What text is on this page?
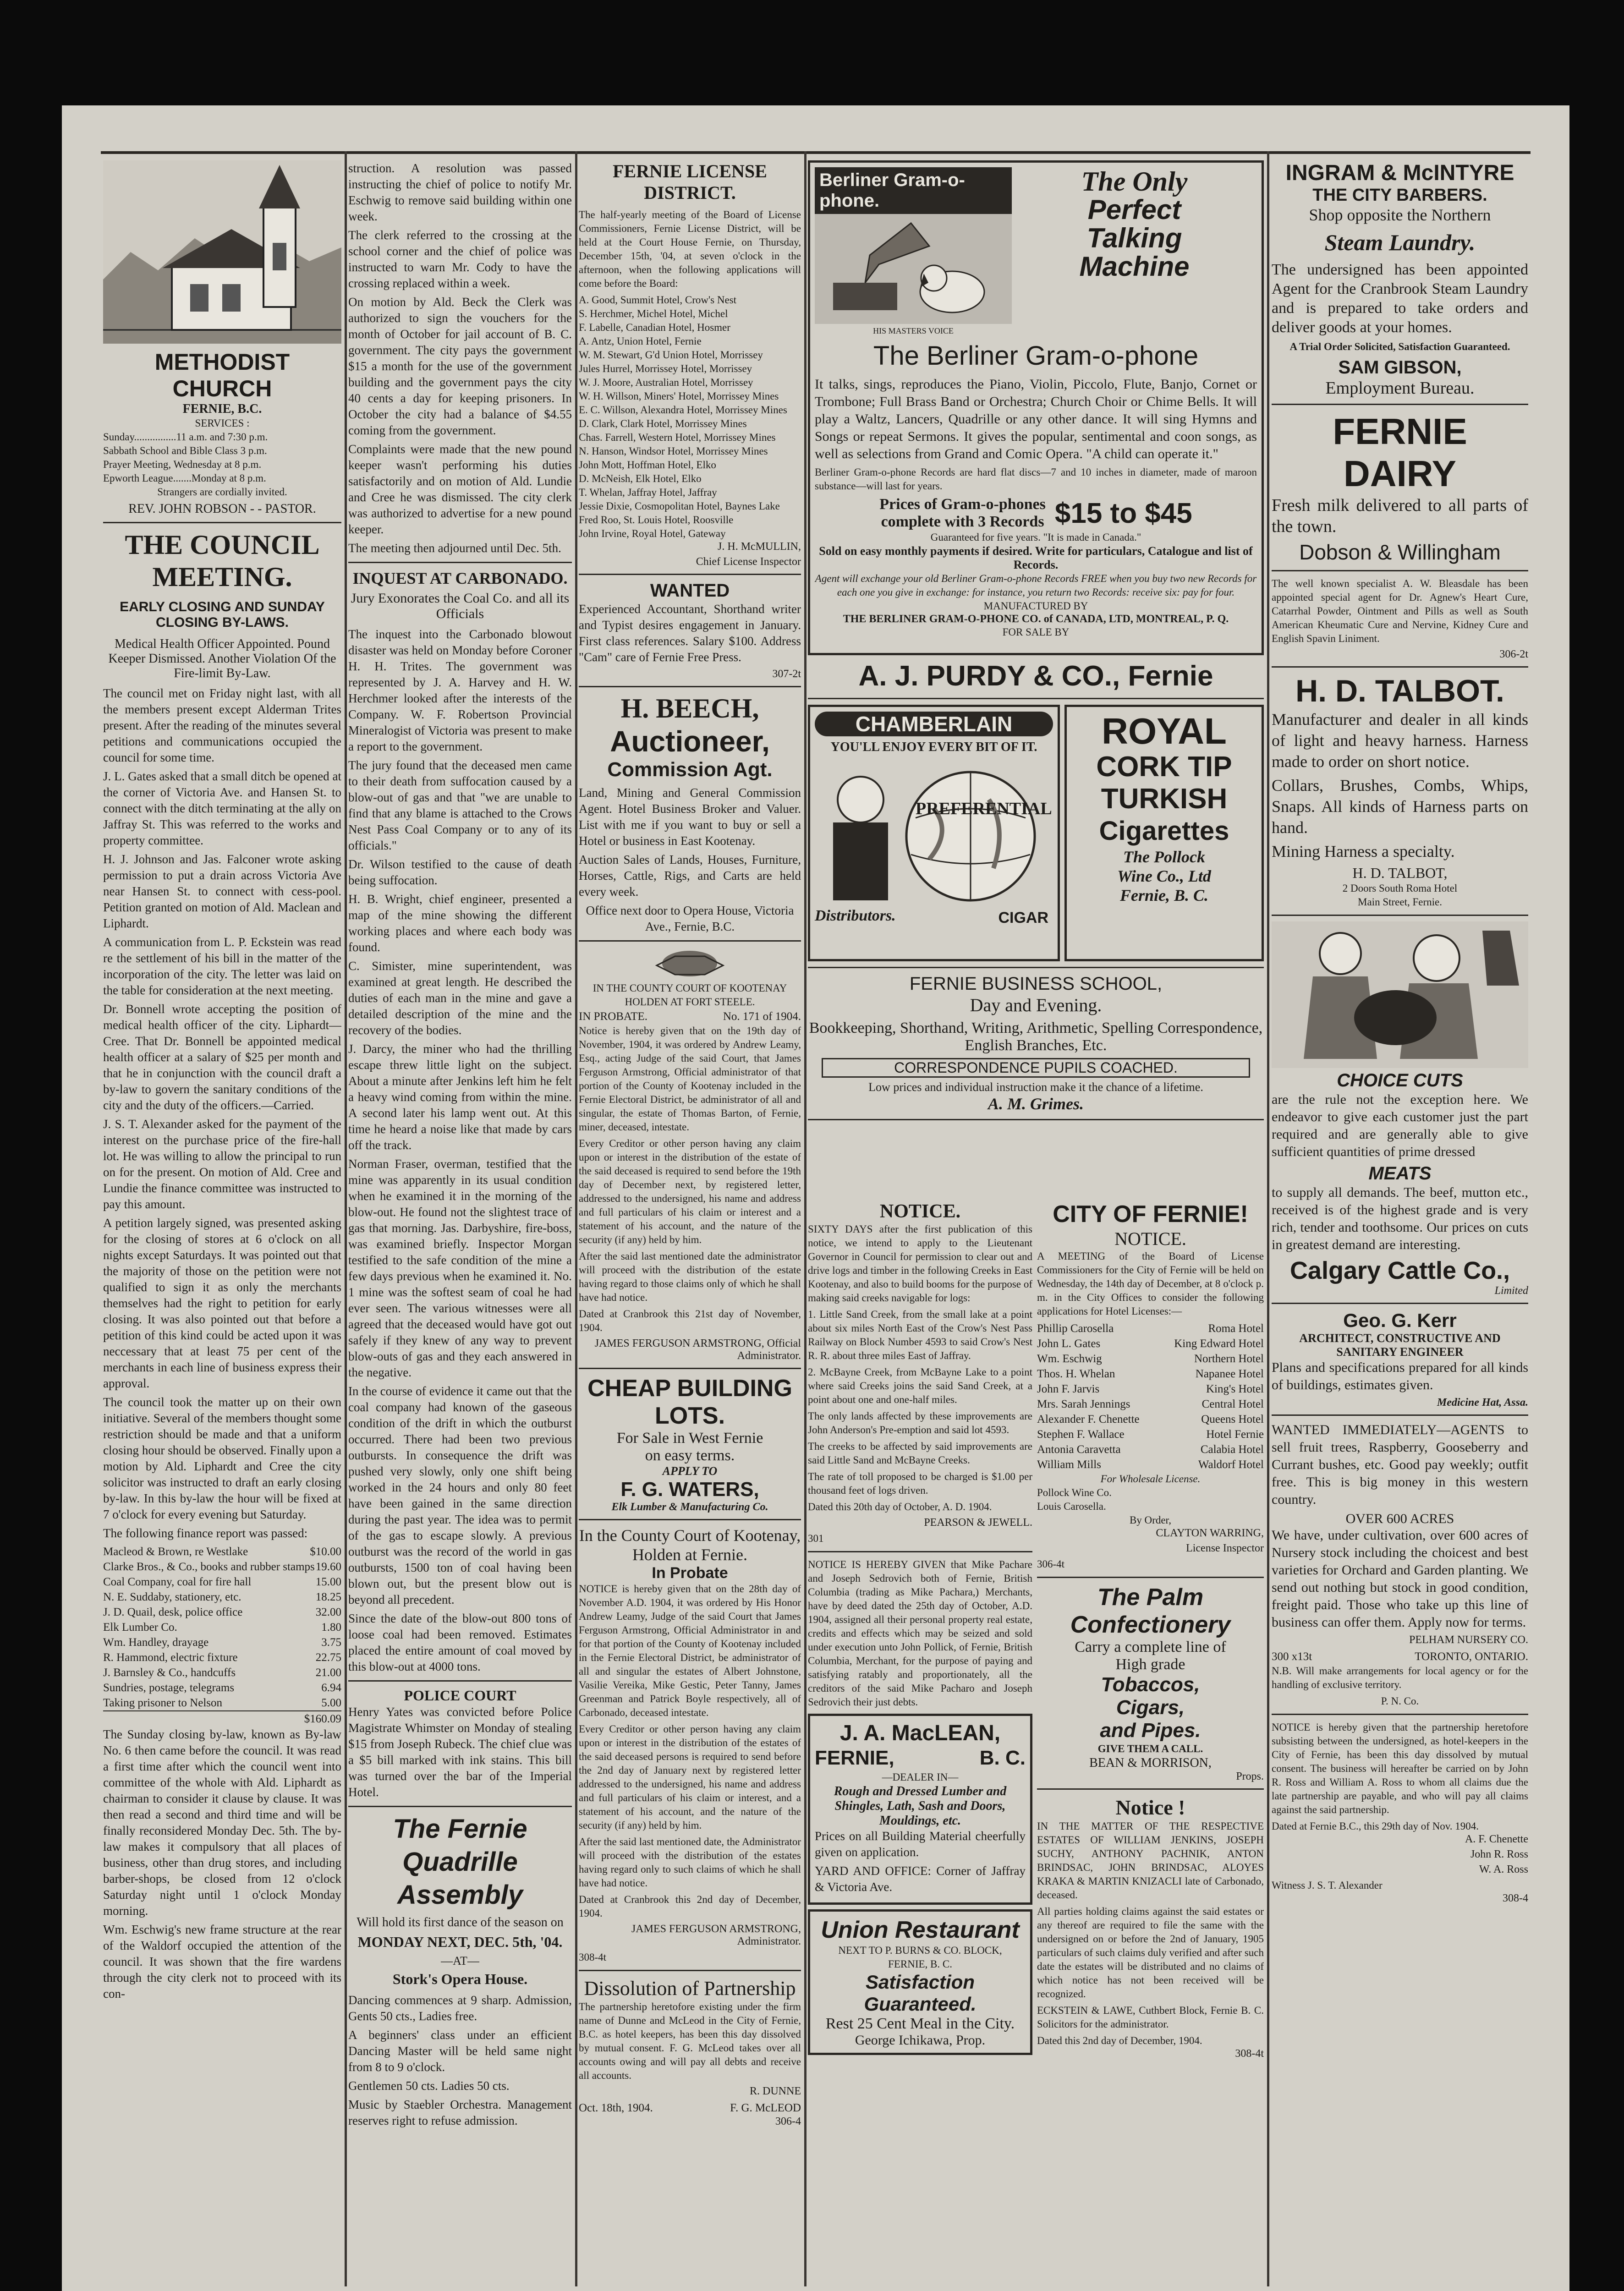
METHODIST CHURCH
FERNIE, B.C.
SERVICES :
Sunday................11 a.m. and 7:30 p.m.
Sabbath School and Bible Class 3 p.m.
Prayer Meeting, Wednesday at 8 p.m.
Epworth League.......Monday at 8 p.m.
Strangers are cordially invited.
REV. JOHN ROBSON - - PASTOR.
THE COUNCIL
MEETING.
EARLY CLOSING AND SUNDAY CLOSING BY-LAWS.
Medical Health Officer Appointed. Pound Keeper Dismissed. Another Violation Of the Fire-limit By-Law.

The council met on Friday night last, with all the members present except Alderman Trites present. After the reading of the minutes several petitions and communications occupied the council for some time.

J. L. Gates asked that a small ditch be opened at the corner of Victoria Ave. and Hansen St. to connect with the ditch terminating at the ally on Jaffray St. This was referred to the works and property committee.

H. J. Johnson and Jas. Falconer wrote asking permission to put a drain across Victoria Ave near Hansen St. to connect with cess-pool. Petition granted on motion of Ald. Maclean and Liphardt.

A communication from L. P. Eckstein was read re the settlement of his bill in the matter of the incorporation of the city. The letter was laid on the table for consideration at the next meeting.

Dr. Bonnell wrote accepting the position of medical health officer of the city. Liphardt—Cree. That Dr. Bonnell be appointed medical health officer at a salary of $25 per month and that he in conjunction with the council draft a by-law to govern the sanitary conditions of the city and the duty of the officers.—Carried.

J. S. T. Alexander asked for the payment of the interest on the purchase price of the fire-hall lot. He was willing to allow the principal to run on for the present. On motion of Ald. Cree and Lundie the finance committee was instructed to pay this amount.

A petition largely signed, was presented asking for the closing of stores at 6 o'clock on all nights except Saturdays. It was pointed out that the majority of those on the petition were not qualified to sign it as only the merchants themselves had the right to petition for early closing. It was also pointed out that before a petition of this kind could be acted upon it was neccessary that at least 75 per cent of the merchants in each line of business express their approval.

The council took the matter up on their own initiative. Several of the members thought some restriction should be made and that a uniform closing hour should be observed. Finally upon a motion by Ald. Liphardt and Cree the city solicitor was instructed to draft an early closing by-law. In this by-law the hour will be fixed at 7 o'clock for every evening but Saturday.

The following finance report was passed:

Macleod & Brown, re Westlake	$10.00
Clarke Bros., & Co., books and rubber stamps 19.60
Coal Company, coal for fire hall	15.00
N. E. Suddaby, stationery, etc.	18.25
J. D. Quail, desk, police office	32.00
Elk Lumber Co.	1.80
Wm. Handley, drayage	3.75
R. Hammond, electric fixture	22.75
J. Barnsley & Co., handcuffs	21.00
Sundries, postage, telegrams	6.94
Taking prisoner to Nelson	5.00
$160.09

The Sunday closing by-law, known as By-law No. 6 then came before the council. It was read a first time after which the council went into committee of the whole with Ald. Liphardt as chairman to consider it clause by clause. It was then read a second and third time and will be finally reconsidered Monday Dec. 5th. The by-law makes it compulsory that all places of business, other than drug stores, and including barber-shops, be closed from 12 o'clock Saturday night until 1 o'clock Monday morning.

Wm. Eschwig's new frame structure at the rear of the Waldorf occupied the attention of the council. It was shown that the fire wardens through the city clerk not to proceed with its con-

struction. A resolution was passed instructing the chief of police to notify Mr. Eschwig to remove said building within one week.

The clerk referred to the crossing at the school corner and the chief of police was instructed to warn Mr. Cody to have the crossing replaced within a week.

On motion by Ald. Beck the Clerk was authorized to sign the vouchers for the month of October for jail account of B. C. government. The city pays the government $15 a month for the use of the government building and the government pays the city 40 cents a day for keeping prisoners. In October the city had a balance of $4.55 coming from the government.

Complaints were made that the new pound keeper wasn't performing his duties satisfactorily and on motion of Ald. Lundie and Cree he was dismissed. The city clerk was authorized to advertise for a new pound keeper.

The meeting then adjourned until Dec. 5th.

INQUEST AT CARBONADO.
Jury Exonorates the Coal Co. and all its Officials

The inquest into the Carbonado blowout disaster was held on Monday before Coroner H. H. Trites. The government was represented by J. A. Harvey and H. W. Herchmer looked after the interests of the Company. W. F. Robertson Provincial Mineralogist of Victoria was present to make a report to the government.

The jury found that the deceased men came to their death from suffocation caused by a blow-out of gas and that "we are unable to find that any blame is attached to the Crows Nest Pass Coal Company or to any of its officials."

Dr. Wilson testified to the cause of death being suffocation.

H. B. Wright, chief engineer, presented a map of the mine showing the different working places and where each body was found.

C. Simister, mine superintendent, was examined at great length. He described the duties of each man in the mine and gave a detailed description of the mine and the recovery of the bodies.

J. Darcy, the miner who had the thrilling escape threw little light on the subject. About a minute after Jenkins left him he felt a heavy wind coming from within the mine. A second later his lamp went out. At this time he heard a noise like that made by cars off the track.

Norman Fraser, overman, testified that the mine was apparently in its usual condition when he examined it in the morning of the blow-out. He found not the slightest trace of gas that morning. Jas. Darbyshire, fire-boss, was examined briefly. Inspector Morgan testified to the safe condition of the mine a few days previous when he examined it. No. 1 mine was the softest seam of coal he had ever seen. The various witnesses were all agreed that the deceased would have got out safely if they knew of any way to prevent blow-outs of gas and they each answered in the negative.

In the course of evidence it came out that the coal company had known of the gaseous condition of the drift in which the outburst occurred. There had been two previous outbursts. In consequence the drift was pushed very slowly, only one shift being worked in the 24 hours and only 80 feet have been gained in the same direction during the past year. The idea was to permit of the gas to escape slowly. A previous outburst was the record of the world in gas outbursts, 1500 ton of coal having been blown out, but the present blow out is beyond all precedent.

Since the date of the blow-out 800 tons of loose coal had been removed. Estimates placed the entire amount of coal moved by this blow-out at 4000 tons.

POLICE COURT

Henry Yates was convicted before Police Magistrate Whimster on Monday of stealing $15 from Joseph Rubeck. The chief clue was a $5 bill marked with ink stains. This bill was turned over the bar of the Imperial Hotel.

The Fernie Quadrille Assembly
Will hold its first dance of the season on
MONDAY NEXT, DEC. 5th, '04.
—AT—
Stork's Opera House.

Dancing commences at 9 sharp. Admission, Gents 50 cts., Ladies free.

A beginners' class under an efficient Dancing Master will be held same night from 8 to 9 o'clock.

Gentlemen 50 cts. Ladies 50 cts.

Music by Staebler Orchestra. Management reserves right to refuse admission.

FERNIE LICENSE DISTRICT.

The half-yearly meeting of the Board of License Commissioners, Fernie License District, will be held at the Court House Fernie, on Thursday, December 15th, '04, at seven o'clock in the afternoon, when the following applications will come before the Board:

A. Good, Summit Hotel, Crow's Nest
S. Herchmer, Michel Hotel, Michel
F. Labelle, Canadian Hotel, Hosmer
A. Antz, Union Hotel, Fernie
W. M. Stewart, G'd Union Hotel, Morrissey
Jules Hurrel, Morrissey Hotel, Morrissey
W. J. Moore, Australian Hotel, Morrissey
W. H. Willson, Miners' Hotel, Morrissey Mines
E. C. Willson, Alexandra Hotel, Morrissey Mines
D. Clark, Clark Hotel, Morrissey Mines
Chas. Farrell, Western Hotel, Morrissey Mines
N. Hanson, Windsor Hotel, Morrissey Mines
John Mott, Hoffman Hotel, Elko
D. McNeish, Elk Hotel, Elko
T. Whelan, Jaffray Hotel, Jaffray
Jessie Dixie, Cosmopolitan Hotel, Baynes Lake
Fred Roo, St. Louis Hotel, Roosville
John Irvine, Royal Hotel, Gateway
J. H. McMULLIN,
Chief License Inspector
WANTED

Experienced Accountant, Shorthand writer and Typist desires engagement in January. First class references. Salary $100. Address "Cam" care of Fernie Free Press.

307-2t
H. BEECH,
Auctioneer,
Commission Agt.

Land, Mining and General Commission Agent. Hotel Business Broker and Valuer. List with me if you want to buy or sell a Hotel or business in East Kootenay.

Auction Sales of Lands, Houses, Furniture, Horses, Cattle, Rigs, and Carts are held every week.

Office next door to Opera House, Victoria Ave., Fernie, B.C.

IN THE COUNTY COURT OF KOOTENAY HOLDEN AT FORT STEELE.
IN PROBATE.	No. 171 of 1904.

Notice is hereby given that on the 19th day of November, 1904, it was ordered by Andrew Leamy, Esq., acting Judge of the said Court, that James Ferguson Armstrong, Official administrator of that portion of the County of Kootenay included in the Fernie Electoral District, be administrator of all and singular, the estate of Thomas Barton, of Fernie, miner, deceased, intestate.

Every Creditor or other person having any claim upon or interest in the distribution of the estate of the said deceased is required to send before the 19th day of December next, by registered letter, addressed to the undersigned, his name and address and full particulars of his claim or interest and a statement of his account, and the nature of the security (if any) held by him.

After the said last mentioned date the administrator will proceed with the distribution of the estate having regard to those claims only of which he shall have had notice.

Dated at Cranbrook this 21st day of November, 1904.

JAMES FERGUSON ARMSTRONG, Official Administrator.
CHEAP BUILDING
LOTS.
For Sale in West Fernie
on easy terms.
APPLY TO
F. G. WATERS,
Elk Lumber & Manufacturing Co.
In the County Court of Kootenay, Holden at Fernie.
In Probate

NOTICE is hereby given that on the 28th day of November A.D. 1904, it was ordered by His Honor Andrew Leamy, Judge of the said Court that James Ferguson Armstrong, Official Administrator in and for that portion of the County of Kootenay included in the Fernie Electoral District, be administrator of all and singular the estates of Albert Johnstone, Vasilie Vereika, Mike Gestic, Peter Tanny, James Greenman and Patrick Boyle respectively, all of Carbonado, deceased intestate.

Every Creditor or other person having any claim upon or interest in the distribution of the estates of the said deceased persons is required to send before the 2nd day of January next by registered letter addressed to the undersigned, his name and address and full particulars of his claim or interest, and a statement of his account, and the nature of the security (if any) held by him.

After the said last mentioned date, the Administrator will proceed with the distribution of the estates having regard only to such claims of which he shall have had notice.

Dated at Cranbrook this 2nd day of December, 1904.

JAMES FERGUSON ARMSTRONG, Administrator.
308-4t
Dissolution of Partnership

The partnership heretofore existing under the firm name of Dunne and McLeod in the City of Fernie, B.C. as hotel keepers, has been this day dissolved by mutual consent. F. G. McLeod takes over all accounts owing and will pay all debts and receive all accounts.

R. DUNNE
Oct. 18th, 1904.	F. G. McLEOD
306-4
Berliner Gram-o-phone.
HIS MASTERS VOICE
The Only
Perfect
Talking
Machine
The Berliner Gram-o-phone

It talks, sings, reproduces the Piano, Violin, Piccolo, Flute, Banjo, Cornet or Trombone; Full Brass Band or Orchestra; Church Choir or Chime Bells. It will play a Waltz, Lancers, Quadrille or any other dance. It will sing Hymns and Songs or repeat Sermons. It gives the popular, sentimental and coon songs, as well as selections from Grand and Comic Opera. "A child can operate it."

Berliner Gram-o-phone Records are hard flat discs—7 and 10 inches in diameter, made of maroon substance—will last for years.

Prices of Gram-o-phones
complete with 3 Records $15 to $45
Guaranteed for five years. "It is made in Canada."
Sold on easy monthly payments if desired. Write for particulars, Catalogue and list of Records.
Agent will exchange your old Berliner Gram-o-phone Records FREE when you buy two new Records for each one you give in exchange: for instance, you return two Records: receive six: pay for four.
MANUFACTURED BY
THE BERLINER GRAM-O-PHONE CO. of CANADA, LTD, MONTREAL, P. Q.
FOR SALE BY
A. J. PURDY & CO., Fernie
CHAMBERLAIN
YOU'LL ENJOY EVERY BIT OF IT.
PREFERENTIAL
CIGAR
Distributors.
ROYAL
CORK TIP
TURKISH
Cigarettes
The Pollock
Wine Co., Ltd
Fernie, B. C.
FERNIE BUSINESS SCHOOL,
Day and Evening.
Bookkeeping, Shorthand, Writing, Arithmetic, Spelling Correspondence, English Branches, Etc.
CORRESPONDENCE PUPILS COACHED.
Low prices and individual instruction make it the chance of a lifetime.
A. M. Grimes.
NOTICE.

SIXTY DAYS after the first publication of this notice, we intend to apply to the Lieutenant Governor in Council for permission to clear out and drive logs and timber in the following Creeks in East Kootenay, and also to build booms for the purpose of making said creeks navigable for logs:

1. Little Sand Creek, from the small lake at a point about six miles North East of the Crow's Nest Pass Railway on Block Number 4593 to said Crow's Nest R. R. about three miles East of Jaffray.

2. McBayne Creek, from McBayne Lake to a point where said Creeks joins the said Sand Creek, at a point about one and one-half miles.

The only lands affected by these improvements are John Anderson's Pre-emption and said lot 4593.

The creeks to be affected by said improvements are said Little Sand and McBayne Creeks.

The rate of toll proposed to be charged is $1.00 per thousand feet of logs driven.

Dated this 20th day of October, A. D. 1904.

PEARSON & JEWELL.
301

NOTICE IS HEREBY GIVEN that Mike Pachare and Joseph Sedrovich both of Fernie, British Columbia (trading as Mike Pachara,) Merchants, have by deed dated the 25th day of October, A.D. 1904, assigned all their personal property real estate, credits and effects which may be seized and sold under execution unto John Pollick, of Fernie, British Columbia, Merchant, for the purpose of paying and satisfying ratably and proportionately, all the creditors of the said Mike Pacharo and Joseph Sedrovich their just debts.

J. A. MacLEAN,
FERNIE,	B. C.
—DEALER IN—
Rough and Dressed Lumber and Shingles, Lath, Sash and Doors, Mouldings, etc.

Prices on all Building Material cheerfully given on application.

YARD AND OFFICE: Corner of Jaffray & Victoria Ave.

Union Restaurant
NEXT TO P. BURNS & CO. BLOCK,
FERNIE, B. C.
Satisfaction Guaranteed.
Rest 25 Cent Meal in the City.
George Ichikawa, Prop.
CITY OF FERNIE!
NOTICE.

A MEETING of the Board of License Commissioners for the City of Fernie will be held on Wednesday, the 14th day of December, at 8 o'clock p. m. in the City Offices to consider the following applications for Hotel Licenses:—

Phillip Carosella	Roma Hotel
John L. Gates	King Edward Hotel
Wm. Eschwig	Northern Hotel
Thos. H. Whelan	Napanee Hotel
John F. Jarvis	King's Hotel
Mrs. Sarah Jennings	Central Hotel
Alexander F. Chenette	Queens Hotel
Stephen F. Wallace	Hotel Fernie
Antonia Caravetta	Calabia Hotel
William Mills	Waldorf Hotel
For Wholesale License.
Pollock Wine Co.
Louis Carosella.
By Order,
CLAYTON WARRING,
License Inspector
306-4t
The Palm
Confectionery
Carry a complete line of
High grade
Tobaccos,
Cigars,
and Pipes.
GIVE THEM A CALL.
BEAN & MORRISON,
Props.
Notice !

IN THE MATTER OF THE RESPECTIVE ESTATES OF WILLIAM JENKINS, JOSEPH SUCHY, ANTHONY PACHNIK, ANTON BRINDSAC, JOHN BRINDSAC, ALOYES KRAKA & MARTIN KNIZACLI late of Carbonado, deceased.

All parties holding claims against the said estates or any thereof are required to file the same with the undersigned on or before the 2nd of January, 1905 particulars of such claims duly verified and after such date the estates will be distributed and no claims of which notice has not been received will be recognized.

ECKSTEIN & LAWE, Cuthbert Block, Fernie B. C. Solicitors for the administrator.

Dated this 2nd day of December, 1904.
308-4t
INGRAM & McINTYRE
THE CITY BARBERS.
Shop opposite the Northern
Steam Laundry.

The undersigned has been appointed Agent for the Cranbrook Steam Laundry and is prepared to take orders and deliver goods at your homes.

A Trial Order Solicited, Satisfaction Guaranteed.
SAM GIBSON,
Employment Bureau.
FERNIE DAIRY

Fresh milk delivered to all parts of the town.

Dobson & Willingham

The well known specialist A. W. Bleasdale has been appointed special agent for Dr. Agnew's Heart Cure, Catarrhal Powder, Ointment and Pills as well as South American Kheumatic Cure and Nervine, Kidney Cure and English Spavin Liniment.

306-2t
H. D. TALBOT.

Manufacturer and dealer in all kinds of light and heavy harness. Harness made to order on short notice.

Collars, Brushes, Combs, Whips, Snaps. All kinds of Harness parts on hand.

Mining Harness a specialty.

H. D. TALBOT,
2 Doors South Roma Hotel
Main Street, Fernie.
CHOICE CUTS

are the rule not the exception here. We endeavor to give each customer just the part required and are generally able to give sufficient quantities of prime dressed

MEATS

to supply all demands. The beef, mutton etc., received is of the highest grade and is very rich, tender and toothsome. Our prices on cuts in greatest demand are interesting.

Calgary Cattle Co.,
Limited
Geo. G. Kerr
ARCHITECT, CONSTRUCTIVE AND SANITARY ENGINEER

Plans and specifications prepared for all kinds of buildings, estimates given.

Medicine Hat, Assa.

WANTED IMMEDIATELY—AGENTS to sell fruit trees, Raspberry, Gooseberry and Currant bushes, etc. Good pay weekly; outfit free. This is big money in this western country.

OVER 600 ACRES

We have, under cultivation, over 600 acres of Nursery stock including the choicest and best varieties for Orchard and Garden planting. We send out nothing but stock in good condition, freight paid. Those who take up this line of business can offer them. Apply now for terms.

PELHAM NURSERY CO.
300 x13t	TORONTO, ONTARIO.

N.B. Will make arrangements for local agency or for the handling of exclusive territory.

P. N. Co.

NOTICE is hereby given that the partnership heretofore subsisting between the undersigned, as hotel-keepers in the City of Fernie, has been this day dissolved by mutual consent. The business will hereafter be carried on by John R. Ross and William A. Ross to whom all claims due the late partnership are payable, and who will pay all claims against the said partnership.

Dated at Fernie B.C., this 29th day of Nov. 1904.
A. F. Chenette
John R. Ross
W. A. Ross
Witness J. S. T. Alexander
308-4
